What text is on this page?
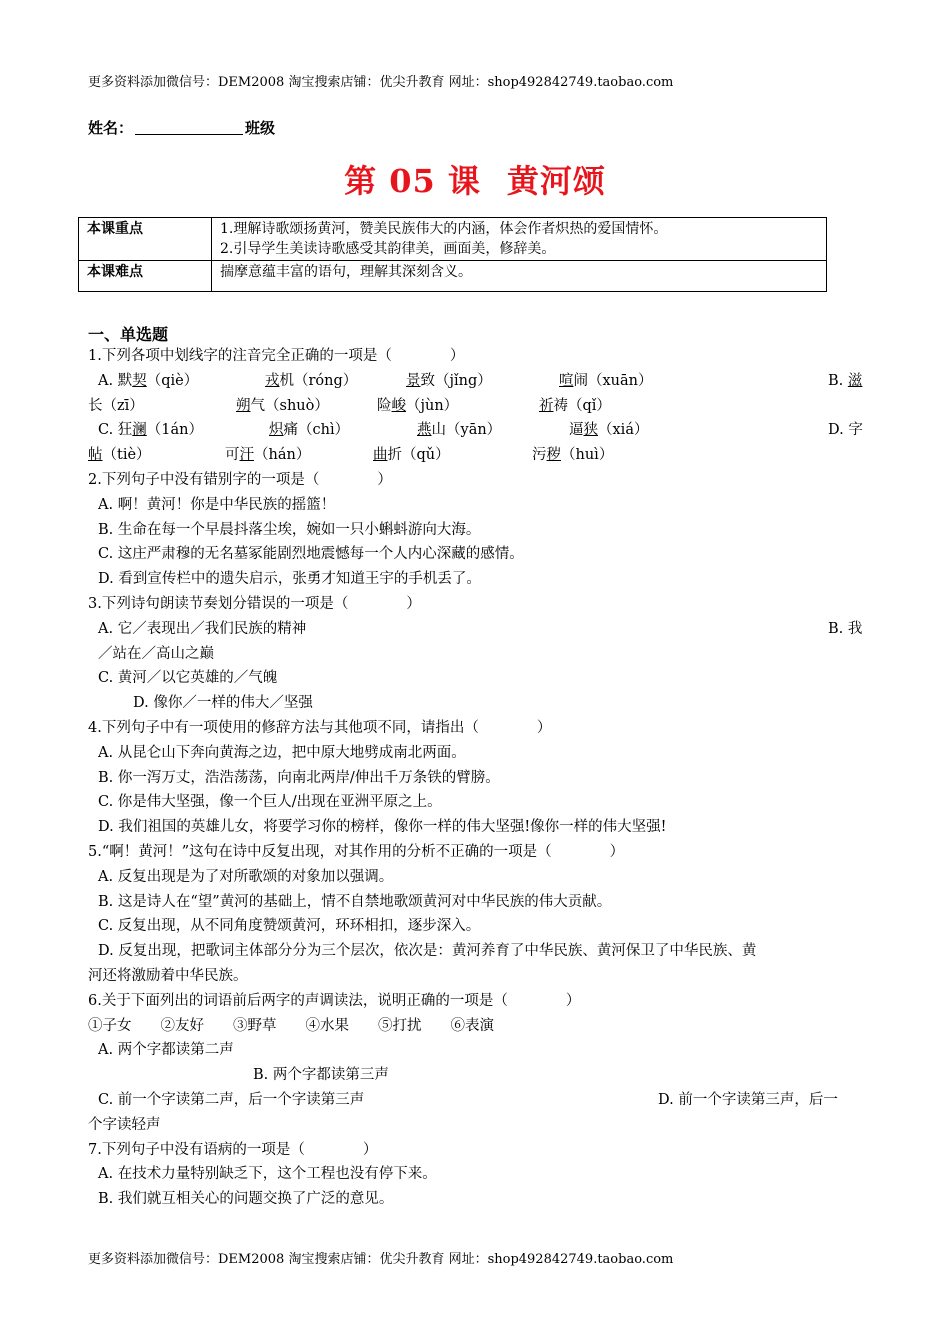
更多资料添加微信号：DEM2008 淘宝搜索店铺：优尖升教育 网址：shop492842749.taobao.com
姓名：	班级
第 05 课 黄河颂
本课重点	1.理解诗歌颂扬黄河，赞美民族伟大的内涵，体会作者炽热的爱国情怀。
2.引导学生美读诗歌感受其韵律美，画面美，修辞美。

本课难点	揣摩意蕴丰富的语句，理解其深刻含义。
一、单选题
1.下列各项中划线字的注音完全正确的一项是（　　　　）
A. 默契（qiè）	戎机（róng）	景致（jǐng）	喧闹（xuān）	B. 滋
长（zī）	朔气（shuò）	险峻（jùn）	祈祷（qǐ）
C. 狂澜（1án）	炽痛（chì）	燕山（yān）	逼狭（xiá）	D. 字
帖（tiè）	可汗（hán）	曲折（qǔ）	污秽（huì）
2.下列句子中没有错别字的一项是（　　　　）
A. 啊！黄河！你是中华民族的摇篮！
B. 生命在每一个早晨抖落尘埃，婉如一只小蝌蚪游向大海。
C. 这庄严肃穆的无名墓冢能剧烈地震憾每一个人内心深藏的感情。
D. 看到宣传栏中的遗失启示，张勇才知道王宇的手机丢了。
3.下列诗句朗读节奏划分错误的一项是（　　　　）
A. 它／表现出／我们民族的精神	B. 我
／站在／高山之巅
C. 黄河／以它英雄的／气魄
D. 像你／一样的伟大／坚强
4.下列句子中有一项使用的修辞方法与其他项不同，请指出（　　　　）
A. 从昆仑山下奔向黄海之边，把中原大地劈成南北两面。
B. 你一泻万丈，浩浩荡荡，向南北两岸/伸出千万条铁的臂膀。
C. 你是伟大坚强，像一个巨人/出现在亚洲平原之上。
D. 我们祖国的英雄儿女，将要学习你的榜样，像你一样的伟大坚强!像你一样的伟大坚强!
5.“啊！黄河！”这句在诗中反复出现，对其作用的分析不正确的一项是（　　　　）
A. 反复出现是为了对所歌颂的对象加以强调。
B. 这是诗人在“望”黄河的基础上，情不自禁地歌颂黄河对中华民族的伟大贡献。
C. 反复出现，从不同角度赞颂黄河，环环相扣，逐步深入。
D. 反复出现，把歌词主体部分分为三个层次，依次是：黄河养育了中华民族、黄河保卫了中华民族、黄
河还将激励着中华民族。
6.关于下面列出的词语前后两字的声调读法，说明正确的一项是（　　　　）
①子女　　②友好　　③野草　　④水果　　⑤打扰　　⑥表演
A. 两个字都读第二声
B. 两个字都读第三声
C. 前一个字读第二声，后一个字读第三声	D. 前一个字读第三声，后一
个字读轻声
7.下列句子中没有语病的一项是（　　　　）
A. 在技术力量特别缺乏下，这个工程也没有停下来。
B. 我们就互相关心的问题交换了广泛的意见。
更多资料添加微信号：DEM2008 淘宝搜索店铺：优尖升教育 网址：shop492842749.taobao.com
